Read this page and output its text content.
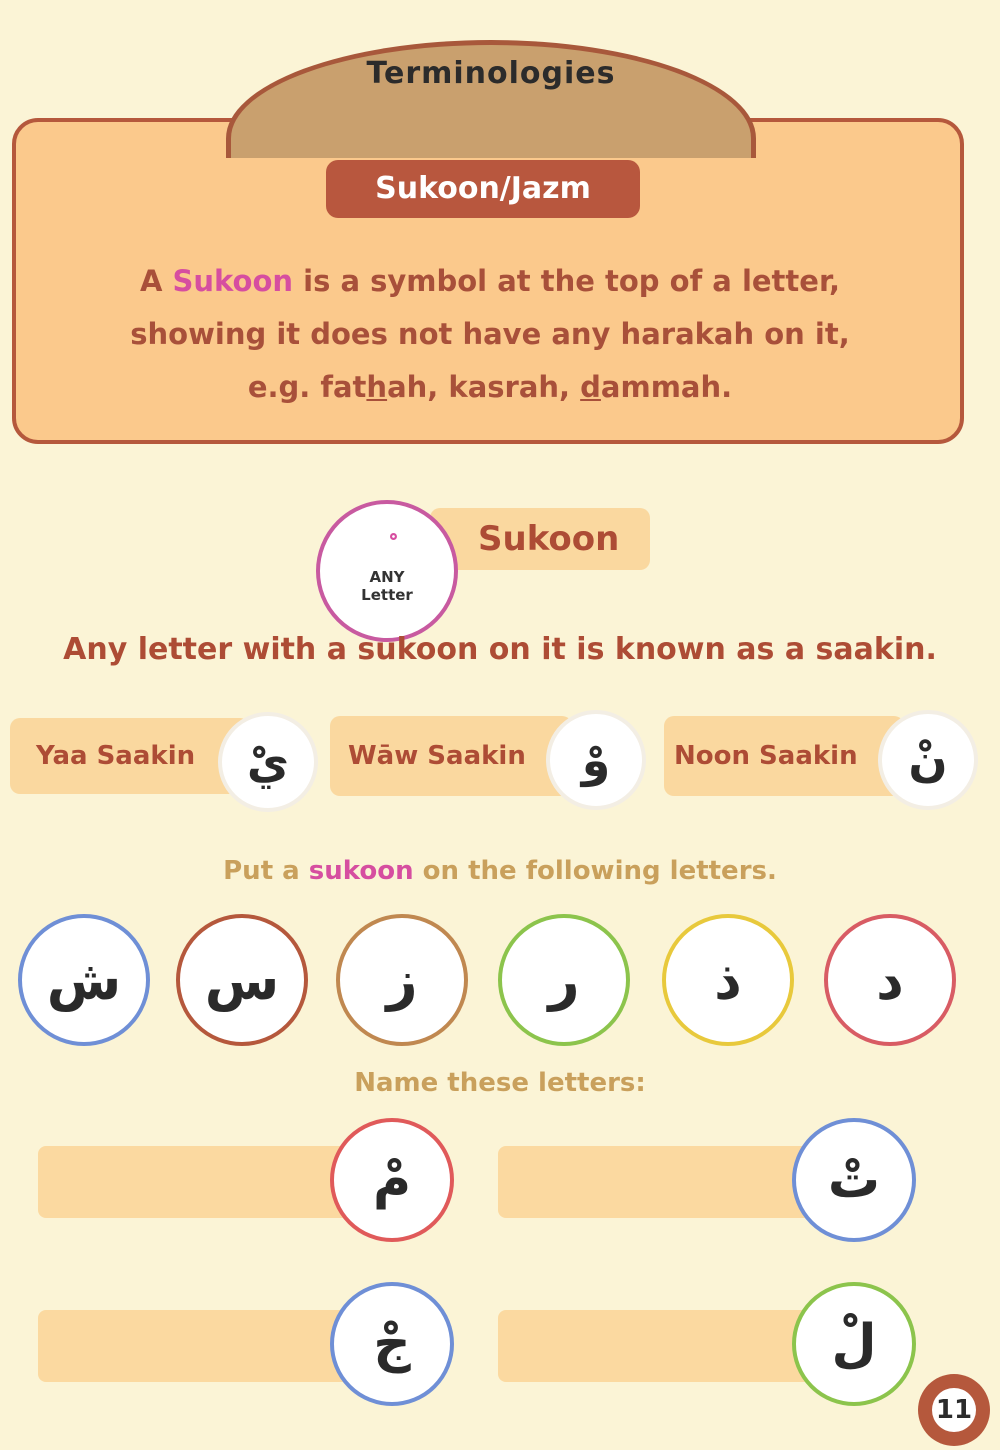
Terminologies
Sukoon/Jazm
A Sukoon is a symbol at the top of a letter,
showing it does not have any harakah on it,
e.g. fathah, kasrah, dammah.
Sukoon
ANY
Letter
Any letter with a sukoon on it is known as a saakin.
Yaa Saakin	يْ	Wāw Saakin	وْ	Noon Saakin	نْ
Put a sukoon on the following letters.
ش س ز ر ذ د
Name these letters:
مْ	تْ
جْ	لْ
11
